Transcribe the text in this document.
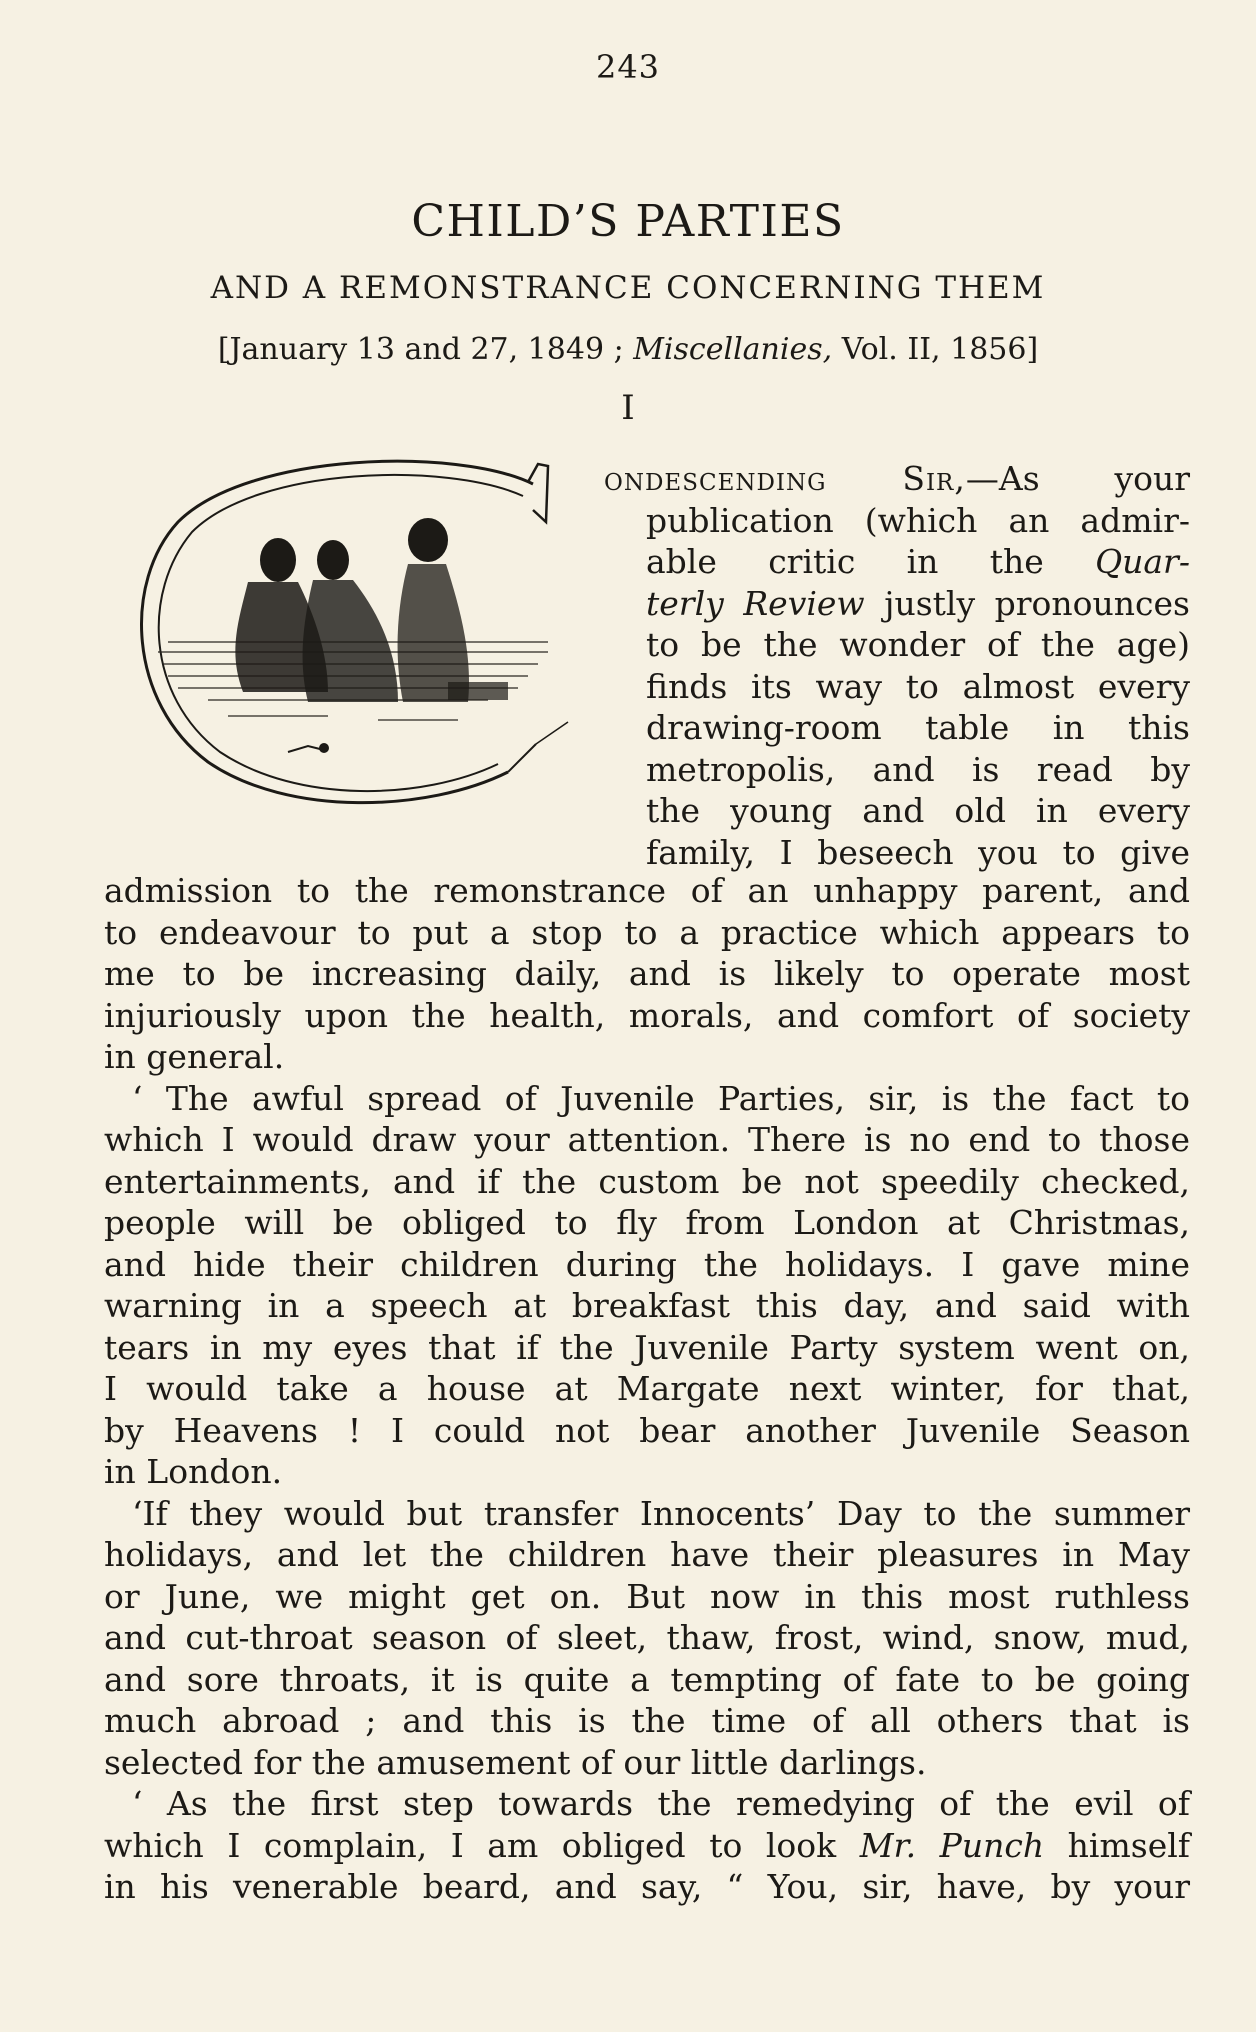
243
CHILD’S PARTIES
AND A REMONSTRANCE CONCERNING THEM
[January 13 and 27, 1849 ; Miscellanies, Vol. II, 1856]
I
ondescending Sir,—As your
publication (which an admir-
able critic in the Quar-
terly Review justly pronounces
to be the wonder of the age)
finds its way to almost every
drawing-room table in this
metropolis, and is read by
the young and old in every
family, I beseech you to give
admission to the remonstrance of an unhappy parent, and
to endeavour to put a stop to a practice which appears to
me to be increasing daily, and is likely to operate most
injuriously upon the health, morals, and comfort of society
in general.
‘ The awful spread of Juvenile Parties, sir, is the fact to
which I would draw your attention. There is no end to those
entertainments, and if the custom be not speedily checked,
people will be obliged to fly from London at Christmas,
and hide their children during the holidays. I gave mine
warning in a speech at breakfast this day, and said with
tears in my eyes that if the Juvenile Party system went on,
I would take a house at Margate next winter, for that,
by Heavens ! I could not bear another Juvenile Season
in London.
‘If they would but transfer Innocents’ Day to the summer
holidays, and let the children have their pleasures in May
or June, we might get on. But now in this most ruthless
and cut-throat season of sleet, thaw, frost, wind, snow, mud,
and sore throats, it is quite a tempting of fate to be going
much abroad ; and this is the time of all others that is
selected for the amusement of our little darlings.
‘ As the first step towards the remedying of the evil of
which I complain, I am obliged to look Mr. Punch himself
in his venerable beard, and say, “ You, sir, have, by your
